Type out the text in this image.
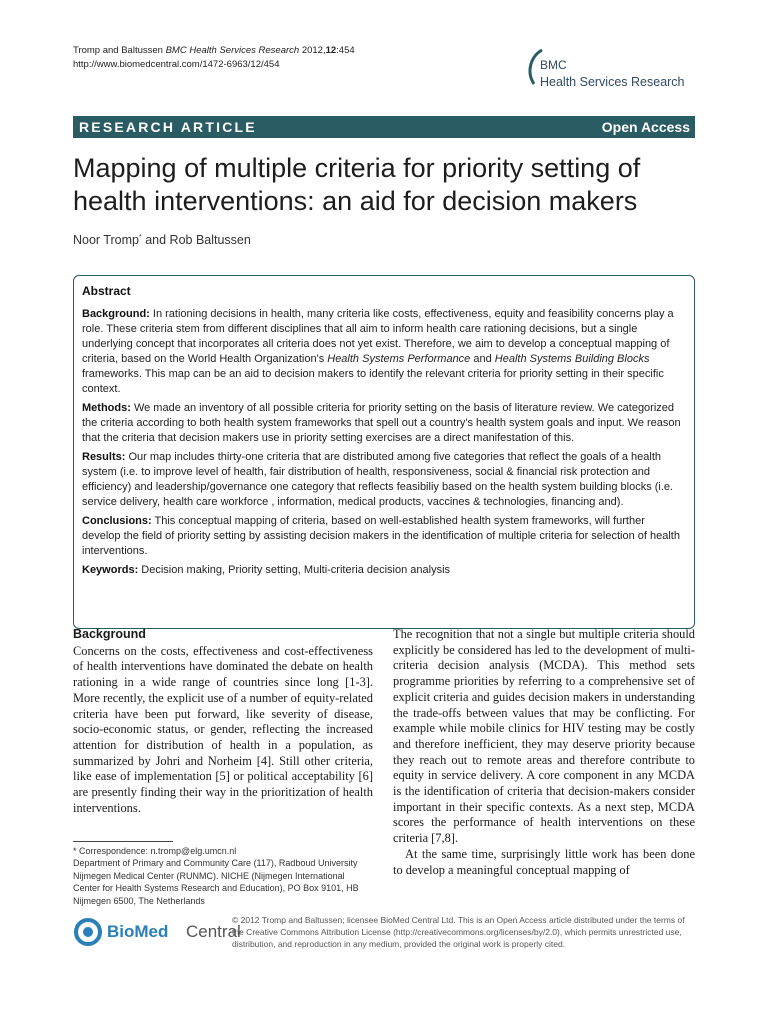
Tromp and Baltussen BMC Health Services Research 2012,12:454
http://www.biomedcentral.com/1472-6963/12/454	BMC
Health Services Research
RESEARCH ARTICLE	Open Access
Mapping of multiple criteria for priority setting of health interventions: an aid for decision makers
Noor Tromp* and Rob Baltussen
Abstract

Background: In rationing decisions in health, many criteria like costs, effectiveness, equity and feasibility concerns play a role. These criteria stem from different disciplines that all aim to inform health care rationing decisions, but a single underlying concept that incorporates all criteria does not yet exist. Therefore, we aim to develop a conceptual mapping of criteria, based on the World Health Organization's Health Systems Performance and Health Systems Building Blocks frameworks. This map can be an aid to decision makers to identify the relevant criteria for priority setting in their specific context.

Methods: We made an inventory of all possible criteria for priority setting on the basis of literature review. We categorized the criteria according to both health system frameworks that spell out a country's health system goals and input. We reason that the criteria that decision makers use in priority setting exercises are a direct manifestation of this.

Results: Our map includes thirty-one criteria that are distributed among five categories that reflect the goals of a health system (i.e. to improve level of health, fair distribution of health, responsiveness, social & financial risk protection and efficiency) and leadership/governance one category that reflects feasibiliy based on the health system building blocks (i.e. service delivery, health care workforce , information, medical products, vaccines & technologies, financing and).

Conclusions: This conceptual mapping of criteria, based on well-established health system frameworks, will further develop the field of priority setting by assisting decision makers in the identification of multiple criteria for selection of health interventions.

Keywords: Decision making, Priority setting, Multi-criteria decision analysis

Background

Concerns on the costs, effectiveness and cost-effectiveness of health interventions have dominated the debate on health rationing in a wide range of countries since long [1-3]. More recently, the explicit use of a number of equity-related criteria have been put forward, like severity of disease, socio-economic status, or gender, reflecting the increased attention for distribution of health in a population, as summarized by Johri and Norheim [4]. Still other criteria, like ease of implementation [5] or political acceptability [6] are presently finding their way in the prioritization of health interventions.

The recognition that not a single but multiple criteria should explicitly be considered has led to the development of multi-criteria decision analysis (MCDA). This method sets programme priorities by referring to a comprehensive set of explicit criteria and guides decision makers in understanding the trade-offs between values that may be conflicting. For example while mobile clinics for HIV testing may be costly and therefore inefficient, they may deserve priority because they reach out to remote areas and therefore contribute to equity in service delivery. A core component in any MCDA is the identification of criteria that decision-makers consider important in their specific contexts. As a next step, MCDA scores the performance of health interventions on these criteria [7,8].

At the same time, surprisingly little work has been done to develop a meaningful conceptual mapping of

* Correspondence: n.tromp@elg.umcn.nl

Department of Primary and Community Care (117), Radboud University Nijmegen Medical Center (RUNMC). NICHE (Nijmegen International Center for Health Systems Research and Education), PO Box 9101, HB Nijmegen 6500, The Netherlands

BioMed Central
© 2012 Tromp and Baltussen; licensee BioMed Central Ltd. This is an Open Access article distributed under the terms of the Creative Commons Attribution License (http://creativecommons.org/licenses/by/2.0), which permits unrestricted use, distribution, and reproduction in any medium, provided the original work is properly cited.
